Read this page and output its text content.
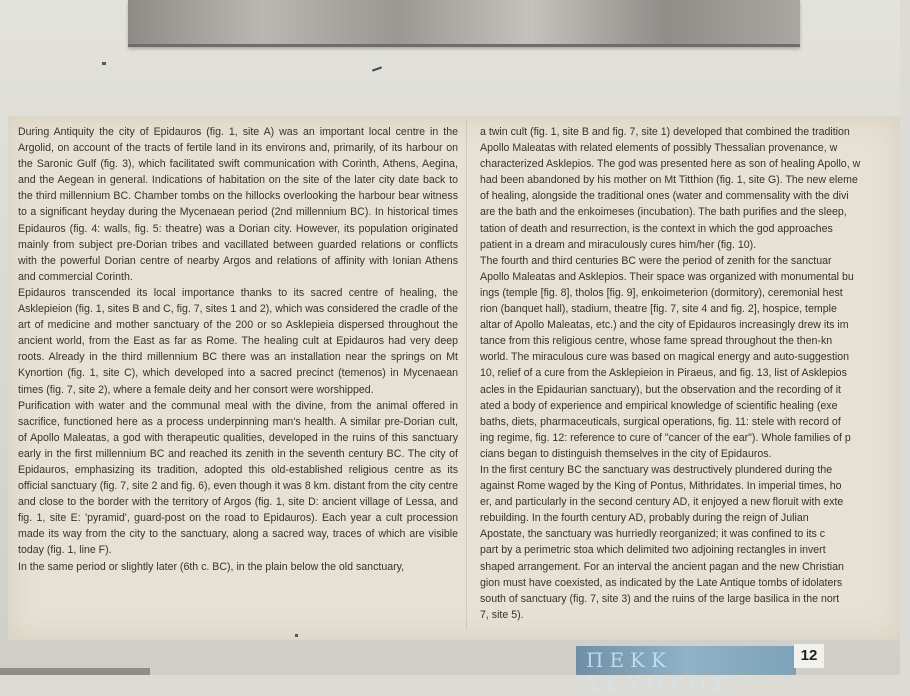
During Antiquity the city of Epidauros (fig. 1, site A) was an important local centre in the Argolid, on account of the tracts of fertile land in its environs and, primarily, of its harbour on the Saronic Gulf (fig. 3), which facilitated swift communication with Corinth, Athens, Aegina, and the Aegean in general. Indications of habitation on the site of the later city date back to the third millennium BC. Chamber tombs on the hillocks overlooking the harbour bear witness to a significant heyday during the Mycenaean period (2nd millennium BC). In historical times Epidauros (fig. 4: walls, fig. 5: theatre) was a Dorian city. However, its population originated mainly from subject pre-Dorian tribes and vacillated between guarded relations or conflicts with the powerful Dorian centre of nearby Argos and relations of affinity with Ionian Athens and commercial Corinth.

Epidauros transcended its local importance thanks to its sacred centre of healing, the Asklepieion (fig. 1, sites B and C, fig. 7, sites 1 and 2), which was considered the cradle of the art of medicine and mother sanctuary of the 200 or so Asklepieia dispersed throughout the ancient world, from the East as far as Rome. The healing cult at Epidauros had very deep roots. Already in the third millennium BC there was an installation near the springs on Mt Kynortion (fig. 1, site C), which developed into a sacred precinct (temenos) in Mycenaean times (fig. 7, site 2), where a female deity and her consort were worshipped.

Purification with water and the communal meal with the divine, from the animal offered in sacrifice, functioned here as a process underpinning man's health. A similar pre-Dorian cult, of Apollo Maleatas, a god with therapeutic qualities, developed in the ruins of this sanctuary early in the first millennium BC and reached its zenith in the seventh century BC. The city of Epidauros, emphasizing its tradition, adopted this old-established religious centre as its official sanctuary (fig. 7, site 2 and fig. 6), even though it was 8 km. distant from the city centre and close to the border with the territory of Argos (fig. 1, site D: ancient village of Lessa, and fig. 1, site E: 'pyramid', guard-post on the road to Epidauros). Each year a cult procession made its way from the city to the sanctuary, along a sacred way, traces of which are visible today (fig. 1, line F).

In the same period or slightly later (6th c. BC), in the plain below the old sanctuary,

a twin cult (fig. 1, site B and fig. 7, site 1) developed that combined the tradition
Apollo Maleatas with related elements of possibly Thessalian provenance, w
characterized Asklepios. The god was presented here as son of healing Apollo, w
had been abandoned by his mother on Mt Titthion (fig. 1, site G). The new eleme
of healing, alongside the traditional ones (water and commensality with the divi
are the bath and the enkoimeses (incubation). The bath purifies and the sleep,
tation of death and resurrection, is the context in which the god approaches
patient in a dream and miraculously cures him/her (fig. 10).
The fourth and third centuries BC were the period of zenith for the sanctuar
Apollo Maleatas and Asklepios. Their space was organized with monumental bu
ings (temple [fig. 8], tholos [fig. 9], enkoimeterion (dormitory), ceremonial hest
rion (banquet hall), stadium, theatre [fig. 7, site 4 and fig. 2], hospice, temple
altar of Apollo Maleatas, etc.) and the city of Epidauros increasingly drew its im
tance from this religious centre, whose fame spread throughout the then-kn
world. The miraculous cure was based on magical energy and auto-suggestion
10, relief of a cure from the Asklepieion in Piraeus, and fig. 13, list of Asklepios
acles in the Epidaurian sanctuary), but the observation and the recording of it
ated a body of experience and empirical knowledge of scientific healing (exe
baths, diets, pharmaceuticals, surgical operations, fig. 11: stele with record of
ing regime, fig. 12: reference to cure of "cancer of the ear"). Whole families of p
cians began to distinguish themselves in the city of Epidauros.
In the first century BC the sanctuary was destructively plundered during the
against Rome waged by the King of Pontus, Mithridates. In imperial times, ho
er, and particularly in the second century AD, it enjoyed a new floruit with exte
rebuilding. In the fourth century AD, probably during the reign of Julian
Apostate, the sanctuary was hurriedly reorganized; it was confined to its c
part by a perimetric stoa which delimited two adjoining rectangles in invert
shaped arrangement. For an interval the ancient pagan and the new Christian
gion must have coexisted, as indicated by the Late Antique tombs of idolaters
south of sanctuary (fig. 7, site 3) and the ruins of the large basilica in the nort
7, site 5).
ΠΕΚΚ ΣΕΥΗΡΟΣ
12
